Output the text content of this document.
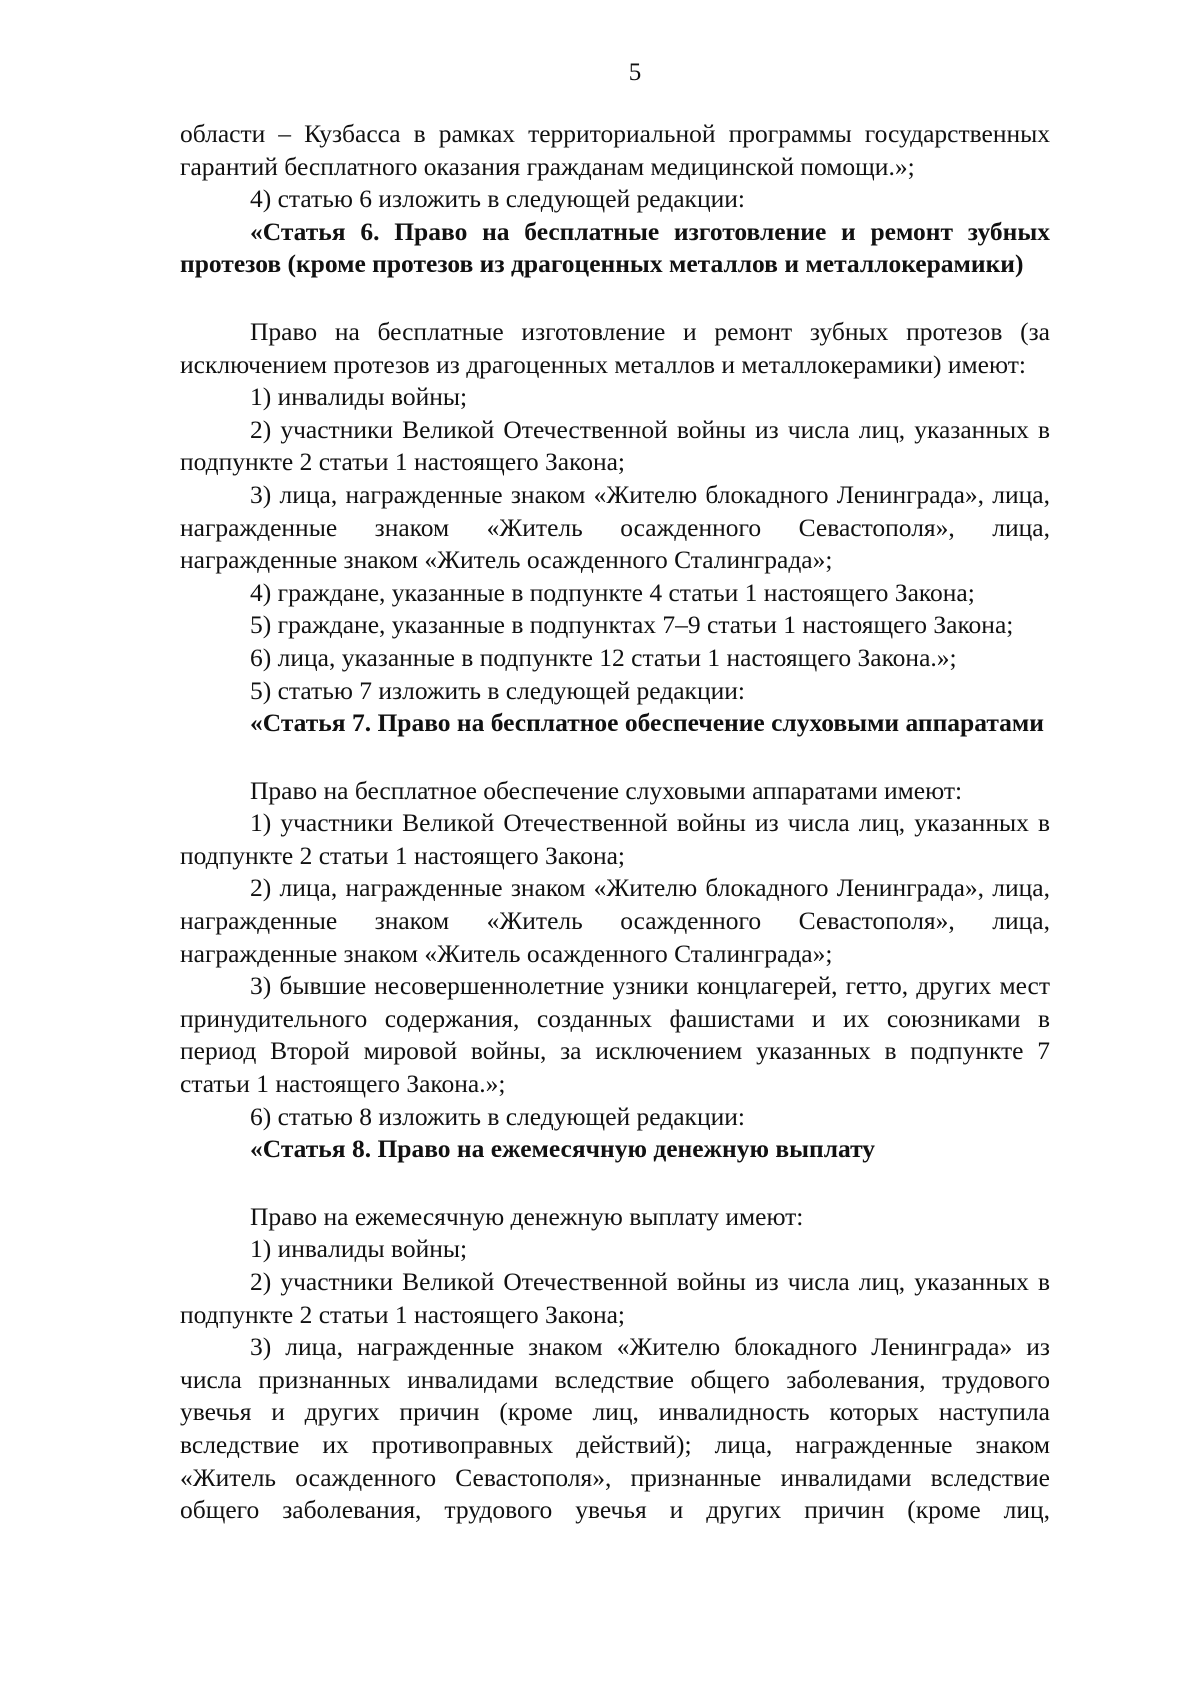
5

области – Кузбасса в рамках территориальной программы государственных гарантий бесплатного оказания гражданам медицинской помощи.»;

4) статью 6 изложить в следующей редакции:

«Статья 6. Право на бесплатные изготовление и ремонт зубных протезов (кроме протезов из драгоценных металлов и металлокерамики)

Право на бесплатные изготовление и ремонт зубных протезов (за исключением протезов из драгоценных металлов и металлокерамики) имеют:

1) инвалиды войны;

2) участники Великой Отечественной войны из числа лиц, указанных в подпункте 2 статьи 1 настоящего Закона;

3) лица, награжденные знаком «Жителю блокадного Ленинграда», лица, награжденные знаком «Житель осажденного Севастополя», лица, награжденные знаком «Житель осажденного Сталинграда»;

4) граждане, указанные в подпункте 4 статьи 1 настоящего Закона;

5) граждане, указанные в подпунктах 7–9 статьи 1 настоящего Закона;

6) лица, указанные в подпункте 12 статьи 1 настоящего Закона.»;

5) статью 7 изложить в следующей редакции:

«Статья 7. Право на бесплатное обеспечение слуховыми аппаратами

Право на бесплатное обеспечение слуховыми аппаратами имеют:

1) участники Великой Отечественной войны из числа лиц, указанных в подпункте 2 статьи 1 настоящего Закона;

2) лица, награжденные знаком «Жителю блокадного Ленинграда», лица, награжденные знаком «Житель осажденного Севастополя», лица, награжденные знаком «Житель осажденного Сталинграда»;

3) бывшие несовершеннолетние узники концлагерей, гетто, других мест принудительного содержания, созданных фашистами и их союзниками в период Второй мировой войны, за исключением указанных в подпункте 7 статьи 1 настоящего Закона.»;

6) статью 8 изложить в следующей редакции:

«Статья 8. Право на ежемесячную денежную выплату

Право на ежемесячную денежную выплату имеют:

1) инвалиды войны;

2) участники Великой Отечественной войны из числа лиц, указанных в подпункте 2 статьи 1 настоящего Закона;

3) лица, награжденные знаком «Жителю блокадного Ленинграда» из числа признанных инвалидами вследствие общего заболевания, трудового увечья и других причин (кроме лиц, инвалидность которых наступила вследствие их противоправных действий); лица, награжденные знаком «Житель осажденного Севастополя», признанные инвалидами вследствие общего заболевания, трудового увечья и других причин (кроме лиц,
